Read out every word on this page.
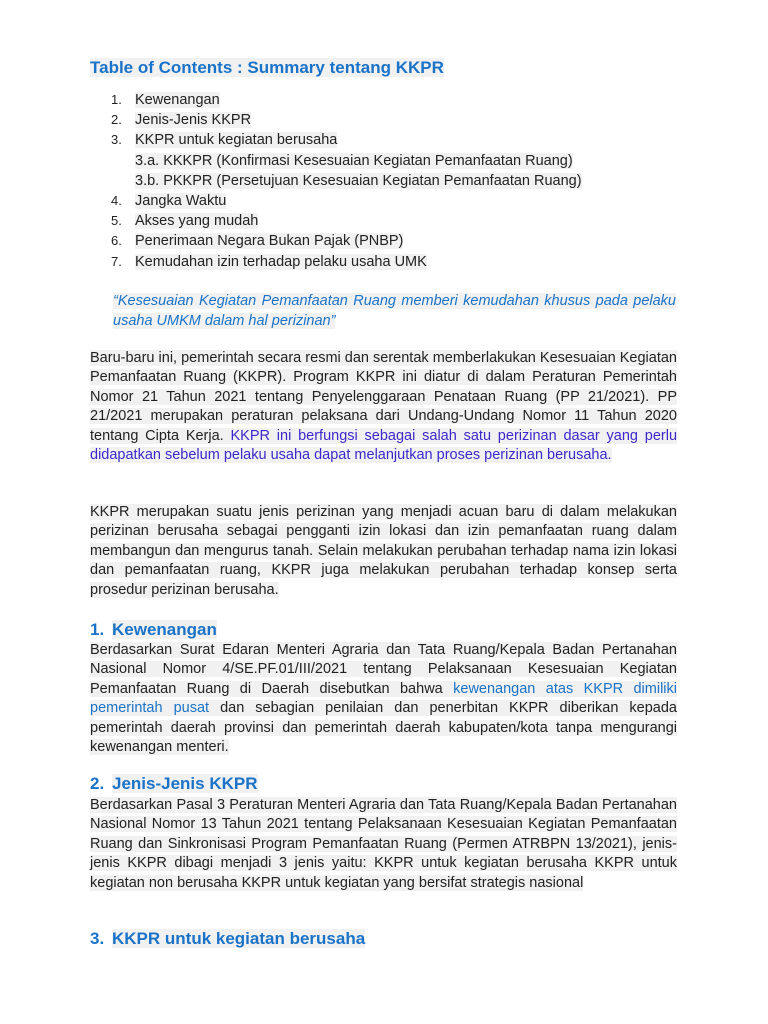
Table of Contents : Summary tentang KKPR
1. Kewenangan
2. Jenis-Jenis KKPR
3. KKPR untuk kegiatan berusaha
3.a. KKKPR (Konfirmasi Kesesuaian Kegiatan Pemanfaatan Ruang)
3.b. PKKPR (Persetujuan Kesesuaian Kegiatan Pemanfaatan Ruang)
4. Jangka Waktu
5. Akses yang mudah
6. Penerimaan Negara Bukan Pajak (PNBP)
7. Kemudahan izin terhadap pelaku usaha UMK
“Kesesuaian Kegiatan Pemanfaatan Ruang memberi kemudahan khusus pada pelaku usaha UMKM dalam hal perizinan”

Baru-baru ini, pemerintah secara resmi dan serentak memberlakukan Kesesuaian Kegiatan Pemanfaatan Ruang (KKPR). Program KKPR ini diatur di dalam Peraturan Pemerintah Nomor 21 Tahun 2021 tentang Penyelenggaraan Penataan Ruang (PP 21/2021). PP 21/2021 merupakan peraturan pelaksana dari Undang-Undang Nomor 11 Tahun 2020 tentang Cipta Kerja. KKPR ini berfungsi sebagai salah satu perizinan dasar yang perlu didapatkan sebelum pelaku usaha dapat melanjutkan proses perizinan berusaha.

KKPR merupakan suatu jenis perizinan yang menjadi acuan baru di dalam melakukan perizinan berusaha sebagai pengganti izin lokasi dan izin pemanfaatan ruang dalam membangun dan mengurus tanah. Selain melakukan perubahan terhadap nama izin lokasi dan pemanfaatan ruang, KKPR juga melakukan perubahan terhadap konsep serta prosedur perizinan berusaha.

1. Kewenangan

Berdasarkan Surat Edaran Menteri Agraria dan Tata Ruang/Kepala Badan Pertanahan Nasional Nomor 4/SE.PF.01/III/2021 tentang Pelaksanaan Kesesuaian Kegiatan Pemanfaatan Ruang di Daerah disebutkan bahwa kewenangan atas KKPR dimiliki pemerintah pusat dan sebagian penilaian dan penerbitan KKPR diberikan kepada pemerintah daerah provinsi dan pemerintah daerah kabupaten/kota tanpa mengurangi kewenangan menteri.

2. Jenis-Jenis KKPR

Berdasarkan Pasal 3 Peraturan Menteri Agraria dan Tata Ruang/Kepala Badan Pertanahan Nasional Nomor 13 Tahun 2021 tentang Pelaksanaan Kesesuaian Kegiatan Pemanfaatan Ruang dan Sinkronisasi Program Pemanfaatan Ruang (Permen ATRBPN 13/2021), jenis-jenis KKPR dibagi menjadi 3 jenis yaitu: KKPR untuk kegiatan berusaha KKPR untuk kegiatan non berusaha KKPR untuk kegiatan yang bersifat strategis nasional

3. KKPR untuk kegiatan berusaha
